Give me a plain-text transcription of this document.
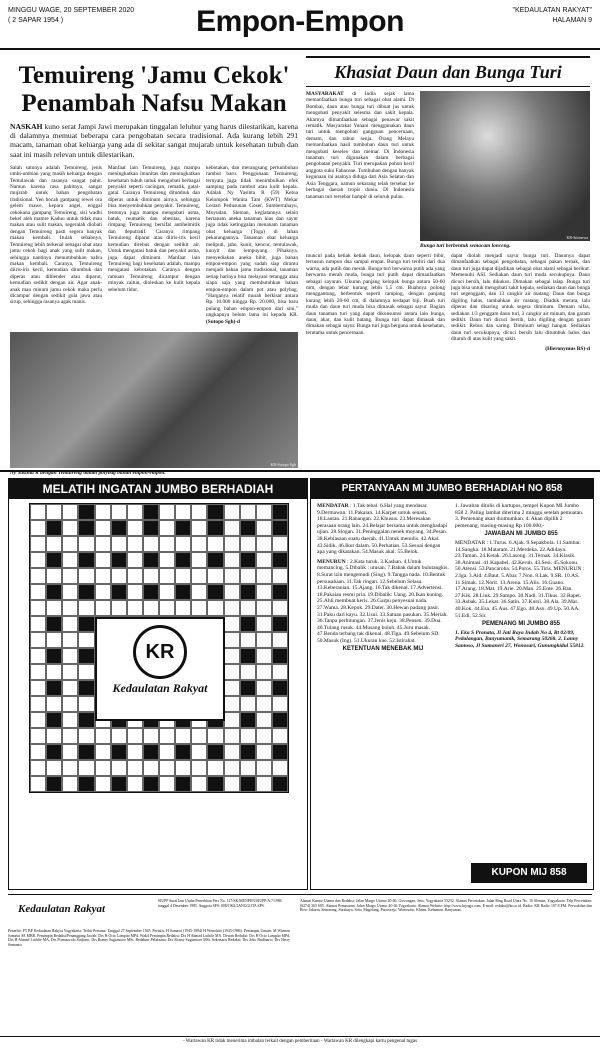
MINGGU WAGE, 20 SEPTEMBER 2020
( 2 SAPAR 1954 )	Empon-Empon	"KEDAULATAN RAKYAT"
HALAMAN 9
Temuireng 'Jamu Cekok' Penambah Nafsu Makan

NASKAH kuno serat Jampi Jawi merupakan tinggalan leluhur yang harus dilestarikan, karena di dalamnya memuat beberapa cara pengobatan secara tradisional. Ada kurang lebih 291 macam, tanaman obat keluarga yang ada di sekitar sangat mujarab untuk kesehatan tubuh dan saat ini masih relevan untuk dilestarikan.

Salah satunya adalah Temuireng, jenis umbi-umbian yang masih keluarga dengan Temulawak dan rasanya sangat pahit. Namun karena rasa pahitnya, sangat mujarab untuk bahan pengobatan tradisional. Yen bocah gampang rewel ora gelem mawe, kepara angel, enggal cekokana gampang Temuireng, sisi wadhi bekel aleh mamre Kaduu untuk tidak mau makan atau sulit makan, segeralah diobati dengan Temuireng pasti segera banyak makan kembali. Itulah sebabnya, Temuireng lebih terkenal sebagai obat atau jamu cekok bagi anak yang sulit makan, sehingga nantinya menumbuhkan nafsu makan kembali. Caranya, Temuireng diiris-iris kecil, kemudian ditumbuk dan diperas atau diblender atau diparut, kemudian sedikit dengan air. Agar anak-anak mau minum jamu cekok maka perlu dicampur dengan sedikit gula jawa atau sirup, sehingga rasanya agak manis.

Manfaat lain Temuireng, juga mampu meningkatkan imunitas dan meningkatkan kesehatan tubuh untuk mengobati berbagai penyakit seperti cacingan, rematik, gatal-gatal. Caranya Temuireng ditumbuk dan diperas untuk diminum airnya, sehingga bisa menyembuhkan penyakit. Temuireng, tentunya juga mampu mengobati asma, batuk, reumatik dan obesitas, karena rimpang Temuireng bersifat antihelmitik dan deputratif. Caranya rimpang Temuireng diparut atau diiris-iris kecil kemudian direbus dengan sedikit air. Untuk mengatasi batuk dan penyakit asma, juga dapat diminum. Manfaat lain Temuireng bagi kesehatan adalah, mampu mengatasi kebotakan. Caranya dengan ramuan Temuireng dicampur dengan minyak zaitun, dioleskan ke kulit kepala sebelum tidur.

kebotakan, dan merangsang pertumbuhan rambut baru. Penggunaan Temuireng, ternyata juga tidak menimbulkan efek samping pada rambut atau kulit kepala. Adalah Ny Yasinta R (59) Ketua Kelompok Wanita Tani (KWT) Mekar Lestari Pedusunan Goser, Sumberrahayu, Moyudan, Sleman, kegiatannya selain bertanam aneka tanaman hias dan sayur juga tidak ketinggalan menanam tanaman obat keluarga (Toga) di lahan pekarangannya. Tanaman obat keluarga meliputi, jahe, kunir, kencur, temulawak, kunyit dan lempuyang. Pihaknya, menyediakan aneka bibit, juga bahan empon-empon yang sudah siap diramu menjadi bahan jamu tradisional, tanaman setiap harinya bisa melayani tetangga atau siapa saja yang membutuhkan bahan empon-empon dalam pot atau polybag. "Harganya relatif murah berkisar antara Rp. 10.000 hingga Rp. 20.000, bisa baru pulang bahan empon-empon dari sini," ungkapnya belum lama ini kepada KR. (Sutopo Sgh)-d

KR-Sutopo Sgh
Ny Yasinta R dengan Temuireng dalam polybag bahan empon-empon.
Khasiat Daun dan Bunga Turi

MASYARAKAT di India sejak lama memanfaatkan bunga turi sebagai obat alami. Di Bombai, daun atau bunga turi dibuat jus untuk mengobati penyakit selesma dan sakit kepala. Akarnya dimanfaatkan sebagai penawar sakit rematik. Masyarakat Yunani menggunakan daun turi untuk mengobati gangguan pencernaan, demam, dan rabun senja. Orang Melayu memanfaatkan hasil tumbuhan daun turi untuk mengobati keseleo dan memar. Di Indonesia tanaman turi digunakan dalam berbagai pengobatan penyakit. Turi merupakan pohon kecil anggota suku Fabaceae. Tumbuhan dengan banyak kegunaan ini asalnya diduga dari Asia Selatan dan Asia Tenggara, namun sekarang telah tersebar ke berbagai daerah tropis dunia. Di Indonesia tanaman turi tersebar hampir di seluruh pulau.

KR-Istimewa
Bunga turi berbentuk semacam lonceng.

muncul pada ketiak ketiak daun, kelopak daun seperti bibir, tersusun rumpun dua sampai empat. Bunga turi terdiri dari dua warna, ada putih dan merah. Bunga turi berwarna putih ada yang berwarna merah muda, bunga turi putih dapat dimanfaatkan sebagai sayuran. Ukuran panjang kelopak bunga antara 50-60 mm, dengan lebar kurang lebih 1,5 cm. Buahnya polong menggantung, berbentuk seperti ramping, dengan panjang kurang lebih 20-60 cm, di dalamnya terdapat biji. Buah turi muda dan daun turi muda bisa dimasak sebagai sayur. Bagian daun tanaman turi yang dapat dikonsumsi antara lain bunga, daun, akar, dan kulit batang. Bunga turi dapat dimasak dan dimakan sebagai sayur. Bunga turi juga berguna untuk kesehatan, terutama untuk pencernaan.

dapat diolah menjadi sayur bunga turi. Daunnya dapat dimanfaatkan sebagai pengobatan, sebagai pakan ternak, dan daun turi juga dapat dijadikan sebagai obat alami sebagai berikut. Memenuhi ASI. Sediakan daun turi muda secukupnya. Daun dicuci bersih, lalu dikukus. Dimakan sebagai lalap. Bunga turi juga bisa untuk mengobati sakit kepala, sediakan daun dan bunga turi segenggam, dan 13 cangkir air matang. Daun dan bunga digiling halus, tambahkan air matang. Diaduk merata, lalu diperas dan disaring untuk segera diminum. Demam nifas, sediakan 1/3 genggam daun turi, 3 cangkir air minum, dan garam sedikit. Daun turi dicuci bersih, lalu digiling dengan garam sedikit. Rebus dan saring. Diminum selagi hangat. Sediakan daun turi secukupnya, dicuci bersih lalu ditumbuk halus dan ditaruh di atas kulit yang sakit.

(Hieronymus BS)-d
MELATIH INGATAN JUMBO BERHADIAH
KR
Kedaulatan Rakyat
PERTANYAAN MI JUMBO BERHADIAH NO 858
MENDATAR : 1.Tak tebal. 6.Hal yang mendasar. 9.Dermawan. 11.Pakaian. 14.Karpet untuk senam. 18.Lautan. 21.Ranangan. 22.Khusus. 23.Meresakan perasaan orang lain. 24.Belajar bersama untuk menghadapi ujian. 28.Slogan. 31.Peninggalan nenek moyang. 34.Pesan. 38.Kebiasaan suatu daerah. 41.Untuk menulis. 42.Akal. 43.Sidik. 46.Ikut dalam. 50.Perhatian. 53.Sesuai dengan apa yang dikatakan. 54.Masuk akal. 55.Belok.
MENURUN : 2.Kata turuk. 3.Kashan. 4.Untuk memancing. 5.Dibalik : utusan. 7.Babak dalam bulutangkis. 8.Surat izin mengemudi (Sing). 9.Tangga nada. 10.Bentuk persusahaan. 11.Tak ringan. 12.Sebelum Selasa. 13.Keberanian. 15.Ajang. 16.Tak dikenal. 17.Advertensi. 18.Pakaian resmi pria. 19.Dibalik: Uang. 20.Ikan kuning. 25.Ahli membuat keris. 26.Garpu penyesuai nada. 27.Wama. 28.Kepok. 29.Dater. 30.Hewan padang pasir. 31.Paku dari kayu. 32.Usul. 33.Satuan pasukan. 35.Meriah. 36.Tanpa perhitungan. 37.Jenis keju. 38.Pensen. 39.Dua. 40.Tulang rusuk. 44.Musang buluh. 45.Juru masak. 47.Benda terbang tak dikenal. 48.Tiga. 49.Sebelum SD. 50.Masuk (Ing). 51.Ukuran kue. 52.Istirahat.
KETENTUAN MENEBAK MIJ
1. Jawaban ditulis di kartupos, tempel Kupon MI Jumbo 858 2. Paling lambat diterima 2 minggu setelah pemuatan. 3. Pemenang akan diumumkan. 4. Akan dipilih 2 pemenang, masing-masing Rp 100.000,-
JAWABAN MI JUMBO 855
MENDATAR : 1.Turus. 6.Ajak. 9.Sepakbola. 11.Sambar. 14.Sangka. 18.Mataram. 21.Merdeka. 22.Adidaya. 23.Taman. 24.Ketak. 26.Lasong. 31.Ternak. 34.Klasik. 38.Animasi. 41.Kapabel. 42.Keruh. 43.Sesi. 45.Sokonu. 50.Atensi. 53.Pancaroba. 54.Poros. 55.Tiris. MENURUN : 2.Iga. 3.Aid. 4.Baut. 5.Abar. 7.Non. 8.Lak. 9.SR. 10.AS. 11.Simak. 12.Norit. 13.Arena. 15.Alis. 16.Guano. 17.Arang. 18.Mat. 19.Arie. 20.Man. 25.Ente. 26.Ban. 27.Kik. 28.Liuk. 29.Sampo. 30.Nadi. 31.Tikus. 32.Rapet. 33.Asbak. 35.Lekat. 36.Satin. 37.Kursi. 38.Ala. 39.Mar. 40.Kok. 44.Esa. 45.Aus. 47.Ego. 48.Aso. 49.Up. 50.AA. 51.Edi. 52.Sir.
PEMENANG MI JUMBO 855
1. Eka S Pranata, Jl Jati Raya Indah No 4, Rt 02/09, Pedalangan, Banyumanik, Semarang 50268. 2. Lanny Santoso, Jl Sumaneri 27, Wonosari, Gunungkidul 55812.
KUPON MIJ 858
Kedaulatan Rakyat
SIUPP Surat Izin Usaha Penerbitan Pers No. 127/SK/MENPEN/SIUPP/A.7/1986 tanggal 4 Desember 1985. Anggota SPS: 008/1962/2ANGGOTA SPS.
Penerbit: PT BP Kedaulatan Rakyat Yogyakarta. Terbit Pertama: Tanggal 27 September 1945. Perintis: H Samawi (1945-1984) H Wonohito (1945-1986). Pemimpin Umum: M Wirmon Samawi SE MBB. Pemimpin Redaksi/Penanggung Jawab: Drs H Octo Lampito MPd. Wakil Pemimpin Redaksi: Drs H Ahmad Luthfie MA. Dewan Redaksi: Drs H Octo Lampito MPd, Drs H Ahmad Luthfie MA, Drs Primaswolo Sudjono, Drs Ronny Sugiantoro MSi. Redaktur Pelaksana: Drs Ronny Sugiantoro MSi. Sekretaris Redaksi: Drs Joko Budhiarto, Drs Herry Sumanto.
Alamat Kantor Utama dan Redaksi: Jalan Margo Utomo 40-46, Gowongan, Jetis, Yogyakarta 55232. Alamat Percetakan: Jalan Ring Road Utara No. 10 Sleman, Yogyakarta. Telp Percetakan: (0274) 565 685. Alamat Pemasaran: Jalan Margo Utomo 40-46 Yogyakarta. Alamat Website: http://www.krjogja.com, E-mail: redaksi@kr.co.id. Radio: KR Radio 107.8 FM. Perwakilan dan Biro: Jakarta, Semarang, Surabaya, Solo, Magelang, Purworejo, Wonosobo, Klaten, Kebumen, Banyumas.
- Wartawan KR tidak menerima imbalan terkait dengan pemberitaan - Wartawan KR dilengkapi kartu pengenal tugas
